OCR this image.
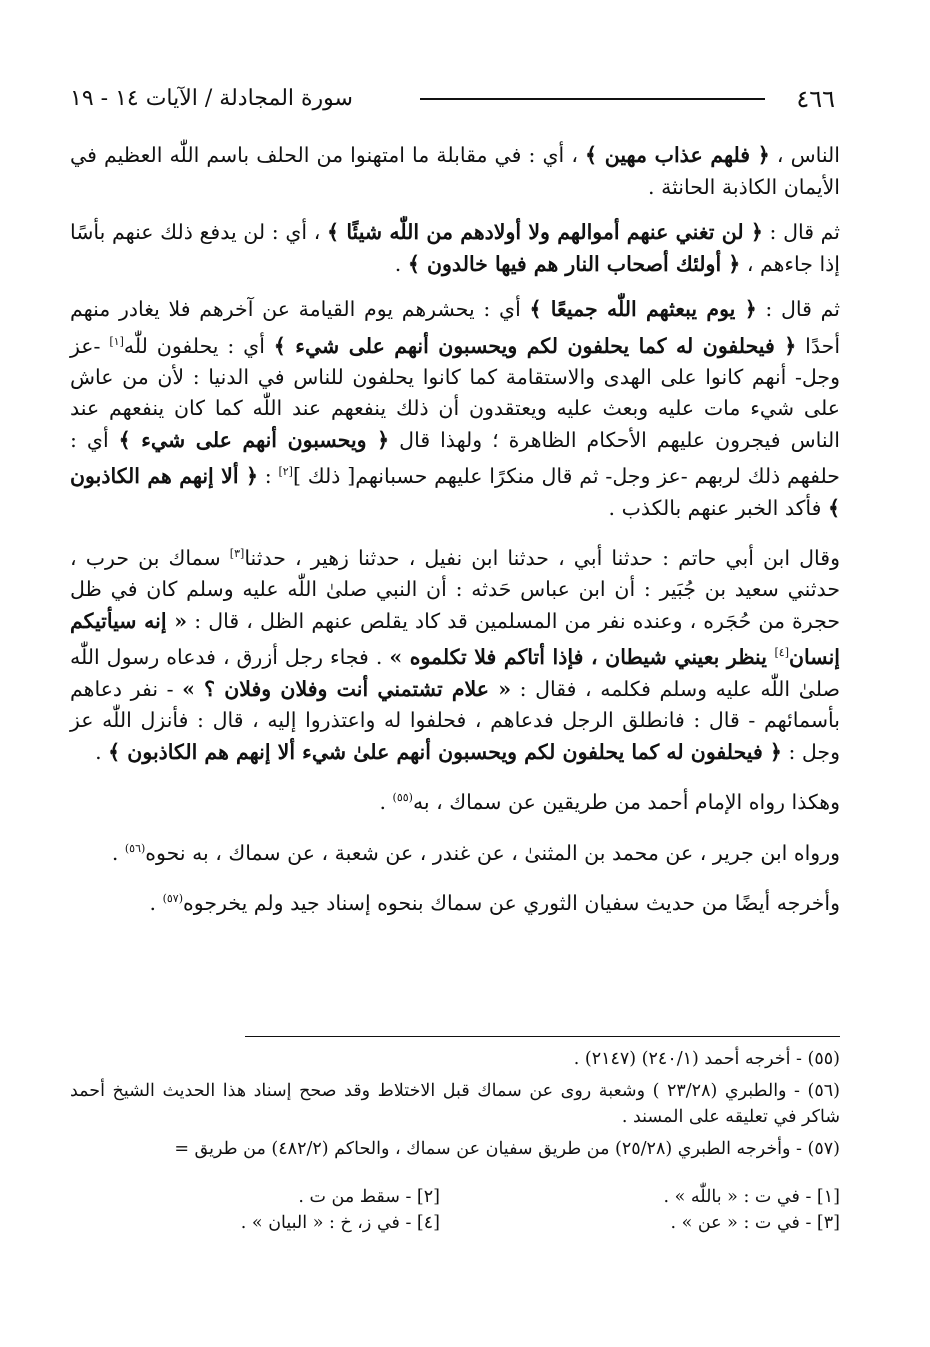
٤٦٦
سورة المجادلة / الآيات ١٤ - ١٩

الناس ، ﴿ فلهم عذاب مهين ﴾ ، أي : في مقابلة ما امتهنوا من الحلف باسم اللّٰه العظيم في الأيمان الكاذبة الحانثة .

ثم قال : ﴿ لن تغني عنهم أموالهم ولا أولادهم من اللّٰه شيئًا ﴾ ، أي : لن يدفع ذلك عنهم بأسًا إذا جاءهم ، ﴿ أولئك أصحاب النار هم فيها خالدون ﴾ .

ثم قال : ﴿ يوم يبعثهم اللّٰه جميعًا ﴾ أي : يحشرهم يوم القيامة عن آخرهم فلا يغادر منهم أحدًا ﴿ فيحلفون له كما يحلفون لكم ويحسبون أنهم على شيء ﴾ أي : يحلفون للّٰه[١] -عز وجل- أنهم كانوا على الهدى والاستقامة كما كانوا يحلفون للناس في الدنيا : لأن من عاش على شيء مات عليه وبعث عليه ويعتقدون أن ذلك ينفعهم عند اللّٰه كما كان ينفعهم عند الناس فيجرون عليهم الأحكام الظاهرة ؛ ولهذا قال ﴿ ويحسبون أنهم على شيء ﴾ أي : حلفهم ذلك لربهم -عز وجل- ثم قال منكرًا عليهم حسبانهم[ ذلك ][٢] : ﴿ ألا إنهم هم الكاذبون ﴾ فأكد الخبر عنهم بالكذب .

وقال ابن أبي حاتم : حدثنا أبي ، حدثنا ابن نفيل ، حدثنا زهير ، حدثنا[٣] سماك بن حرب ، حدثني سعيد بن جُبَير : أن ابن عباس حَدثه : أن النبي صلىٰ اللّٰه عليه وسلم كان في ظل حجرة من حُجَره ، وعنده نفر من المسلمين قد كاد يقلص عنهم الظل ، قال : « إنه سيأتيكم إنسان[٤] ينظر بعيني شيطان ، فإذا أتاكم فلا تكلموه » . فجاء رجل أزرق ، فدعاه رسول اللّٰه صلىٰ اللّٰه عليه وسلم فكلمه ، فقال : « علام تشتمني أنت وفلان وفلان ؟ » - نفر دعاهم بأسمائهم - قال : فانطلق الرجل فدعاهم ، فحلفوا له واعتذروا إليه ، قال : فأنزل اللّٰه عز وجل : ﴿ فيحلفون له كما يحلفون لكم ويحسبون أنهم علىٰ شيء ألا إنهم هم الكاذبون ﴾ .

وهكذا رواه الإمام أحمد من طريقين عن سماك ، به$^{(٥٥)}$ .

ورواه ابن جرير ، عن محمد بن المثنىٰ ، عن غندر ، عن شعبة ، عن سماك ، به نحوه$^{(٥٦)}$ .

وأخرجه أيضًا من حديث سفيان الثوري عن سماك بنحوه إسناد جيد ولم يخرجوه$^{(٥٧)}$ .

(٥٥) - أخرجه أحمد (٢٤٠/١) (٢١٤٧) .

(٥٦) - والطبري (٢٣/٢٨ ) وشعبة روى عن سماك قبل الاختلاط وقد صحح إسناد هذا الحديث الشيخ أحمد شاكر في تعليقه على المسند .

(٥٧) - وأخرجه الطبري (٢٥/٢٨) من طريق سفيان عن سماك ، والحاكم (٤٨٢/٢) من طريق =

[١] - في ت : « باللّٰه » .

[٢] - سقط من ت .

[٣] - في ت : « عن » .

[٤] - في ز، خ : « البيان » .
